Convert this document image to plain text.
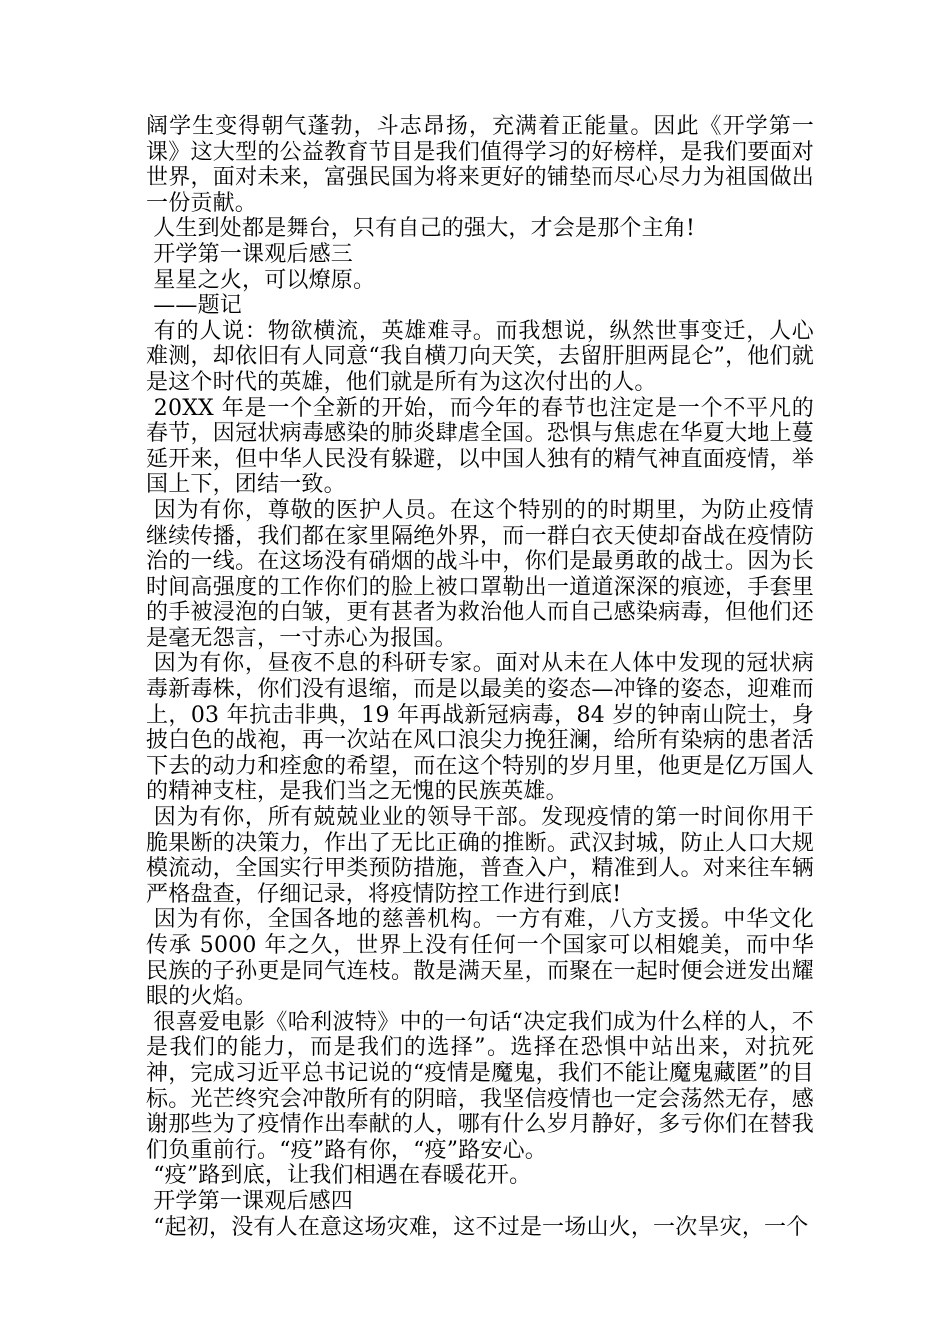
阔学生变得朝气蓬勃，斗志昂扬，充满着正能量。因此《开学第一课》这大型的公益教育节目是我们值得学习的好榜样，是我们要面对世界，面对未来，富强民国为将来更好的铺垫而尽心尽力为祖国做出一份贡献。

人生到处都是舞台，只有自己的强大，才会是那个主角!

开学第一课观后感三

星星之火，可以燎原。

——题记

有的人说：物欲横流，英雄难寻。而我想说，纵然世事变迁，人心难测，却依旧有人同意“我自横刀向天笑，去留肝胆两昆仑”，他们就是这个时代的英雄，他们就是所有为这次付出的人。

20XX 年是一个全新的开始，而今年的春节也注定是一个不平凡的春节，因冠状病毒感染的肺炎肆虐全国。恐惧与焦虑在华夏大地上蔓延开来，但中华人民没有躲避，以中国人独有的精气神直面疫情，举国上下，团结一致。

因为有你，尊敬的医护人员。在这个特别的的时期里，为防止疫情继续传播，我们都在家里隔绝外界，而一群白衣天使却奋战在疫情防治的一线。在这场没有硝烟的战斗中，你们是最勇敢的战士。因为长时间高强度的工作你们的脸上被口罩勒出一道道深深的痕迹，手套里的手被浸泡的白皱，更有甚者为救治他人而自己感染病毒，但他们还是毫无怨言，一寸赤心为报国。

因为有你，昼夜不息的科研专家。面对从未在人体中发现的冠状病毒新毒株，你们没有退缩，而是以最美的姿态—冲锋的姿态，迎难而上，03 年抗击非典，19 年再战新冠病毒，84 岁的钟南山院士，身披白色的战袍，再一次站在风口浪尖力挽狂澜，给所有染病的患者活下去的动力和痊愈的希望，而在这个特别的岁月里，他更是亿万国人的精神支柱，是我们当之无愧的民族英雄。

因为有你，所有兢兢业业的领导干部。发现疫情的第一时间你用干脆果断的决策力，作出了无比正确的推断。武汉封城，防止人口大规模流动，全国实行甲类预防措施，普查入户，精准到人。对来往车辆严格盘查，仔细记录，将疫情防控工作进行到底!

因为有你，全国各地的慈善机构。一方有难，八方支援。中华文化传承 5000 年之久，世界上没有任何一个国家可以相媲美，而中华民族的子孙更是同气连枝。散是满天星，而聚在一起时便会迸发出耀眼的火焰。

很喜爱电影《哈利波特》中的一句话“决定我们成为什么样的人，不是我们的能力，而是我们的选择”。选择在恐惧中站出来，对抗死神，完成习近平总书记说的“疫情是魔鬼，我们不能让魔鬼藏匿”的目标。光芒终究会冲散所有的阴暗，我坚信疫情也一定会荡然无存，感谢那些为了疫情作出奉献的人，哪有什么岁月静好，多亏你们在替我们负重前行。“疫”路有你，“疫”路安心。

“疫”路到底，让我们相遇在春暖花开。

开学第一课观后感四

“起初，没有人在意这场灾难，这不过是一场山火，一次旱灾，一个
